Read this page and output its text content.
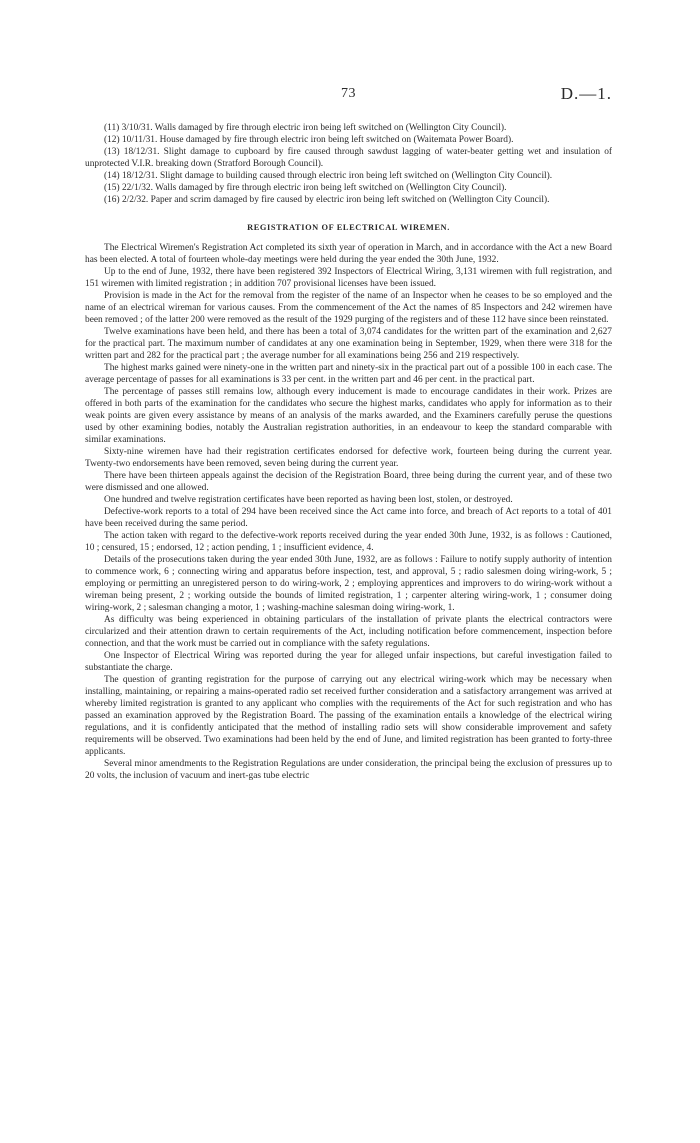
73	D.—1.

(11) 3/10/31. Walls damaged by fire through electric iron being left switched on (Wellington City Council).

(12) 10/11/31. House damaged by fire through electric iron being left switched on (Waitemata Power Board).

(13) 18/12/31. Slight damage to cupboard by fire caused through sawdust lagging of water-beater getting wet and insulation of unprotected V.I.R. breaking down (Stratford Borough Council).

(14) 18/12/31. Slight damage to building caused through electric iron being left switched on (Wellington City Council).

(15) 22/1/32. Walls damaged by fire through electric iron being left switched on (Wellington City Council).

(16) 2/2/32. Paper and scrim damaged by fire caused by electric iron being left switched on (Wellington City Council).

REGISTRATION OF ELECTRICAL WIREMEN.

The Electrical Wiremen's Registration Act completed its sixth year of operation in March, and in accordance with the Act a new Board has been elected. A total of fourteen whole-day meetings were held during the year ended the 30th June, 1932.

Up to the end of June, 1932, there have been registered 392 Inspectors of Electrical Wiring, 3,131 wiremen with full registration, and 151 wiremen with limited registration ; in addition 707 provisional licenses have been issued.

Provision is made in the Act for the removal from the register of the name of an Inspector when he ceases to be so employed and the name of an electrical wireman for various causes. From the commencement of the Act the names of 85 Inspectors and 242 wiremen have been removed ; of the latter 200 were removed as the result of the 1929 purging of the registers and of these 112 have since been reinstated.

Twelve examinations have been held, and there has been a total of 3,074 candidates for the written part of the examination and 2,627 for the practical part. The maximum number of candidates at any one examination being in September, 1929, when there were 318 for the written part and 282 for the practical part ; the average number for all examinations being 256 and 219 respectively.

The highest marks gained were ninety-one in the written part and ninety-six in the practical part out of a possible 100 in each case. The average percentage of passes for all examinations is 33 per cent. in the written part and 46 per cent. in the practical part.

The percentage of passes still remains low, although every inducement is made to encourage candidates in their work. Prizes are offered in both parts of the examination for the candidates who secure the highest marks, candidates who apply for information as to their weak points are given every assistance by means of an analysis of the marks awarded, and the Examiners carefully peruse the questions used by other examining bodies, notably the Australian registration authorities, in an endeavour to keep the standard comparable with similar examinations.

Sixty-nine wiremen have had their registration certificates endorsed for defective work, fourteen being during the current year. Twenty-two endorsements have been removed, seven being during the current year.

There have been thirteen appeals against the decision of the Registration Board, three being during the current year, and of these two were dismissed and one allowed.

One hundred and twelve registration certificates have been reported as having been lost, stolen, or destroyed.

Defective-work reports to a total of 294 have been received since the Act came into force, and breach of Act reports to a total of 401 have been received during the same period.

The action taken with regard to the defective-work reports received during the year ended 30th June, 1932, is as follows : Cautioned, 10 ; censured, 15 ; endorsed, 12 ; action pending, 1 ; insufficient evidence, 4.

Details of the prosecutions taken during the year ended 30th June, 1932, are as follows : Failure to notify supply authority of intention to commence work, 6 ; connecting wiring and apparatus before inspection, test, and approval, 5 ; radio salesmen doing wiring-work, 5 ; employing or permitting an unregistered person to do wiring-work, 2 ; employing apprentices and improvers to do wiring-work without a wireman being present, 2 ; working outside the bounds of limited registration, 1 ; carpenter altering wiring-work, 1 ; consumer doing wiring-work, 2 ; salesman changing a motor, 1 ; washing-machine salesman doing wiring-work, 1.

As difficulty was being experienced in obtaining particulars of the installation of private plants the electrical contractors were circularized and their attention drawn to certain requirements of the Act, including notification before commencement, inspection before connection, and that the work must be carried out in compliance with the safety regulations.

One Inspector of Electrical Wiring was reported during the year for alleged unfair inspections, but careful investigation failed to substantiate the charge.

The question of granting registration for the purpose of carrying out any electrical wiring-work which may be necessary when installing, maintaining, or repairing a mains-operated radio set received further consideration and a satisfactory arrangement was arrived at whereby limited registration is granted to any applicant who complies with the requirements of the Act for such registration and who has passed an examination approved by the Registration Board. The passing of the examination entails a knowledge of the electrical wiring regulations, and it is confidently anticipated that the method of installing radio sets will show considerable improvement and safety requirements will be observed. Two examinations had been held by the end of June, and limited registration has been granted to forty-three applicants.

Several minor amendments to the Registration Regulations are under consideration, the principal being the exclusion of pressures up to 20 volts, the inclusion of vacuum and inert-gas tube electric
